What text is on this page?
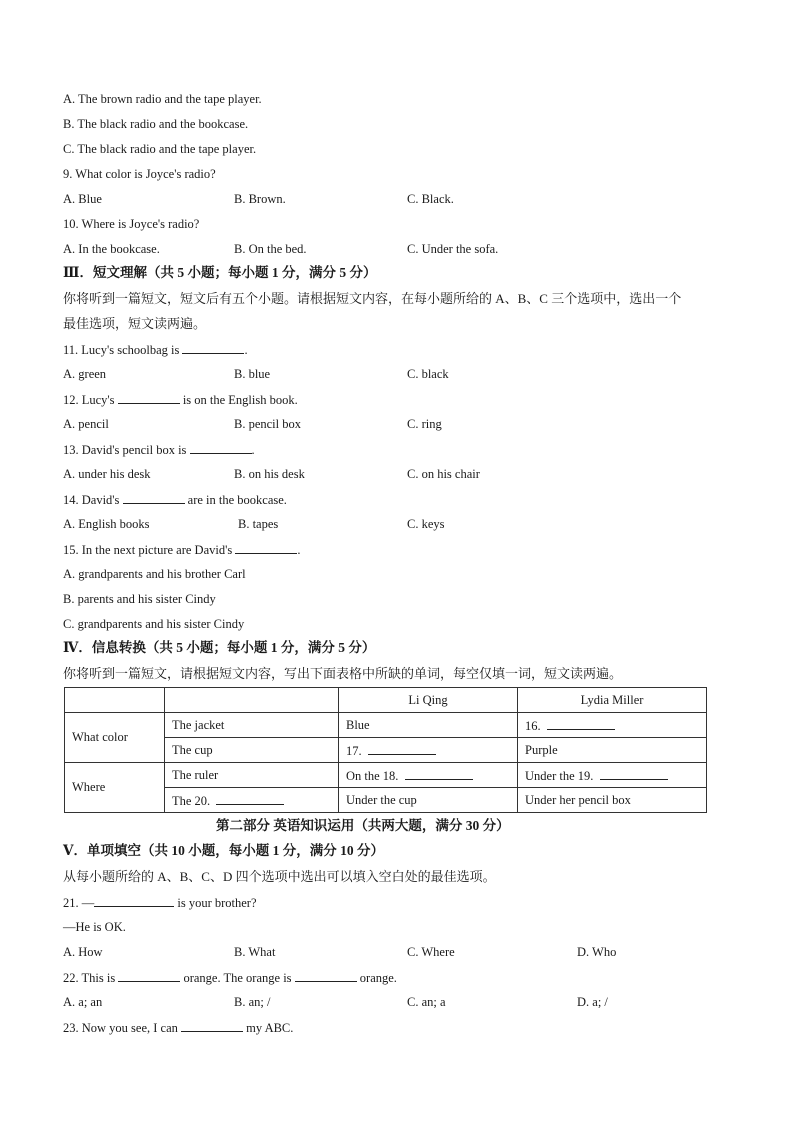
A. The brown radio and the tape player.
B. The black radio and the bookcase.
C. The black radio and the tape player.
9. What color is Joyce's radio?
A. Blue	B. Brown.	C. Black.
10. Where is Joyce's radio?
A. In the bookcase.	B. On the bed.	C. Under the sofa.
Ⅲ．短文理解（共 5 小题；每小题 1 分，满分 5 分）
你将听到一篇短文，短文后有五个小题。请根据短文内容，在每小题所给的 A、B、C 三个选项中，选出一个
最佳选项，短文读两遍。
11. Lucy's schoolbag is	.
A. green	B. blue	C. black
12. Lucy's	is on the English book.
A. pencil	B. pencil box	C. ring
13. David's pencil box is	.
A. under his desk	B. on his desk	C. on his chair
14. David's	are in the bookcase.
A. English books	B. tapes	C. keys
15. In the next picture are David's	.
A. grandparents and his brother Carl
B. parents and his sister Cindy
C. grandparents and his sister Cindy
Ⅳ．信息转换（共 5 小题；每小题 1 分，满分 5 分）
你将听到一篇短文，请根据短文内容，写出下面表格中所缺的单词，每空仅填一词，短文读两遍。
		Li Qing	Lydia Miller
What color	The jacket	Blue	16.
	The cup	17.	Purple
Where	The ruler	On the 18.	Under the 19.
	The 20.	Under the cup	Under her pencil box
第二部分 英语知识运用（共两大题，满分 30 分）
Ⅴ．单项填空（共 10 小题，每小题 1 分，满分 10 分）
从每小题所给的 A、B、C、D 四个选项中选出可以填入空白处的最佳选项。
21. —	is your brother?
—He is OK.
A. How	B. What	C. Where	D. Who
22. This is	orange. The orange is	orange.
A. a; an	B. an; /	C. an; a	D. a; /
23. Now you see, I can	my ABC.
